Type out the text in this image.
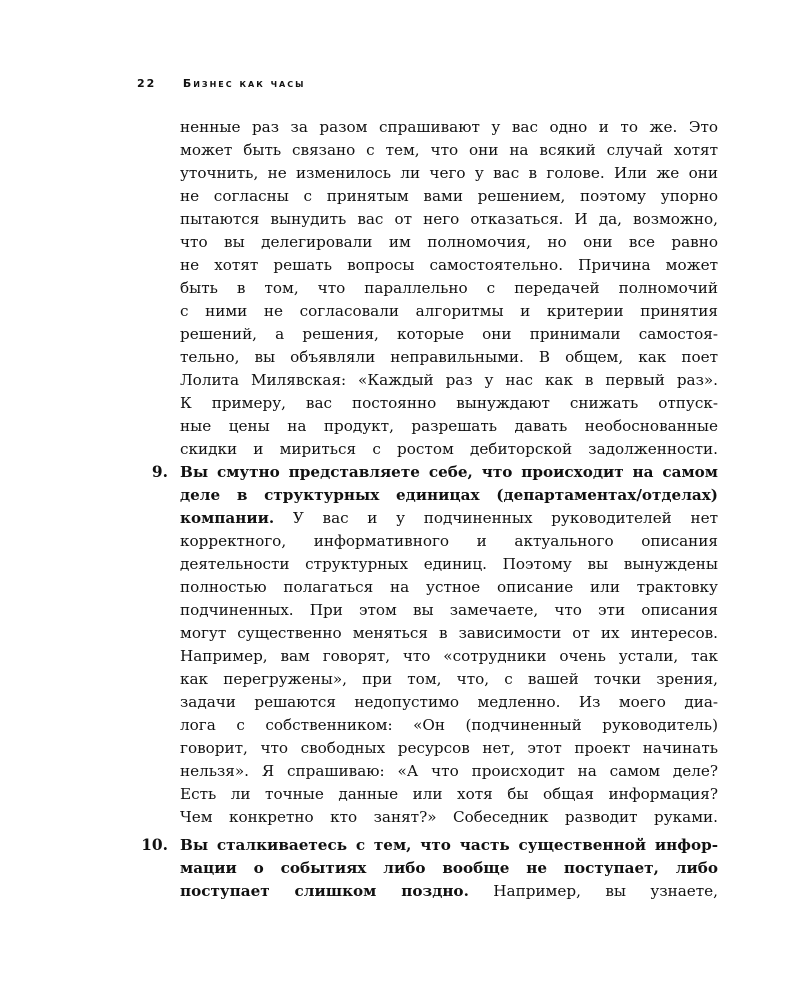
22 Бизнес как часы
ненные раз за разом спрашивают у вас одно и то же. Это
может быть связано с тем, что они на всякий случай хотят
уточнить, не изменилось ли чего у вас в голове. Или же они
не согласны с принятым вами решением, поэтому упорно
пытаются вынудить вас от него отказаться. И да, возможно,
что вы делегировали им полномочия, но они все равно
не хотят решать вопросы самостоятельно. Причина может
быть в том, что параллельно с передачей полномочий
с ними не согласовали алгоритмы и критерии принятия
решений, а решения, которые они принимали самостоя-
тельно, вы объявляли неправильными. В общем, как поет
Лолита Милявская: «Каждый раз у нас как в первый раз».
К примеру, вас постоянно вынуждают снижать отпуск-
ные цены на продукт, разрешать давать необоснованные
скидки и мириться с ростом дебиторской задолженности.
9. Вы смутно представляете себе, что происходит на самом
деле в структурных единицах (департаментах/отделах)
компании. У вас и у подчиненных руководителей нет
корректного, информативного и актуального описания
деятельности структурных единиц. Поэтому вы вынуждены
полностью полагаться на устное описание или трактовку
подчиненных. При этом вы замечаете, что эти описания
могут существенно меняться в зависимости от их интересов.
Например, вам говорят, что «сотрудники очень устали, так
как перегружены», при том, что, с вашей точки зрения,
задачи решаются недопустимо медленно. Из моего диа-
лога с собственником: «Он (подчиненный руководитель)
говорит, что свободных ресурсов нет, этот проект начинать
нельзя». Я спрашиваю: «А что происходит на самом деле?
Есть ли точные данные или хотя бы общая информация?
Чем конкретно кто занят?» Собеседник разводит руками.
10. Вы сталкиваетесь с тем, что часть существенной инфор-
мации о событиях либо вообще не поступает, либо
поступает слишком поздно. Например, вы узнаете,
